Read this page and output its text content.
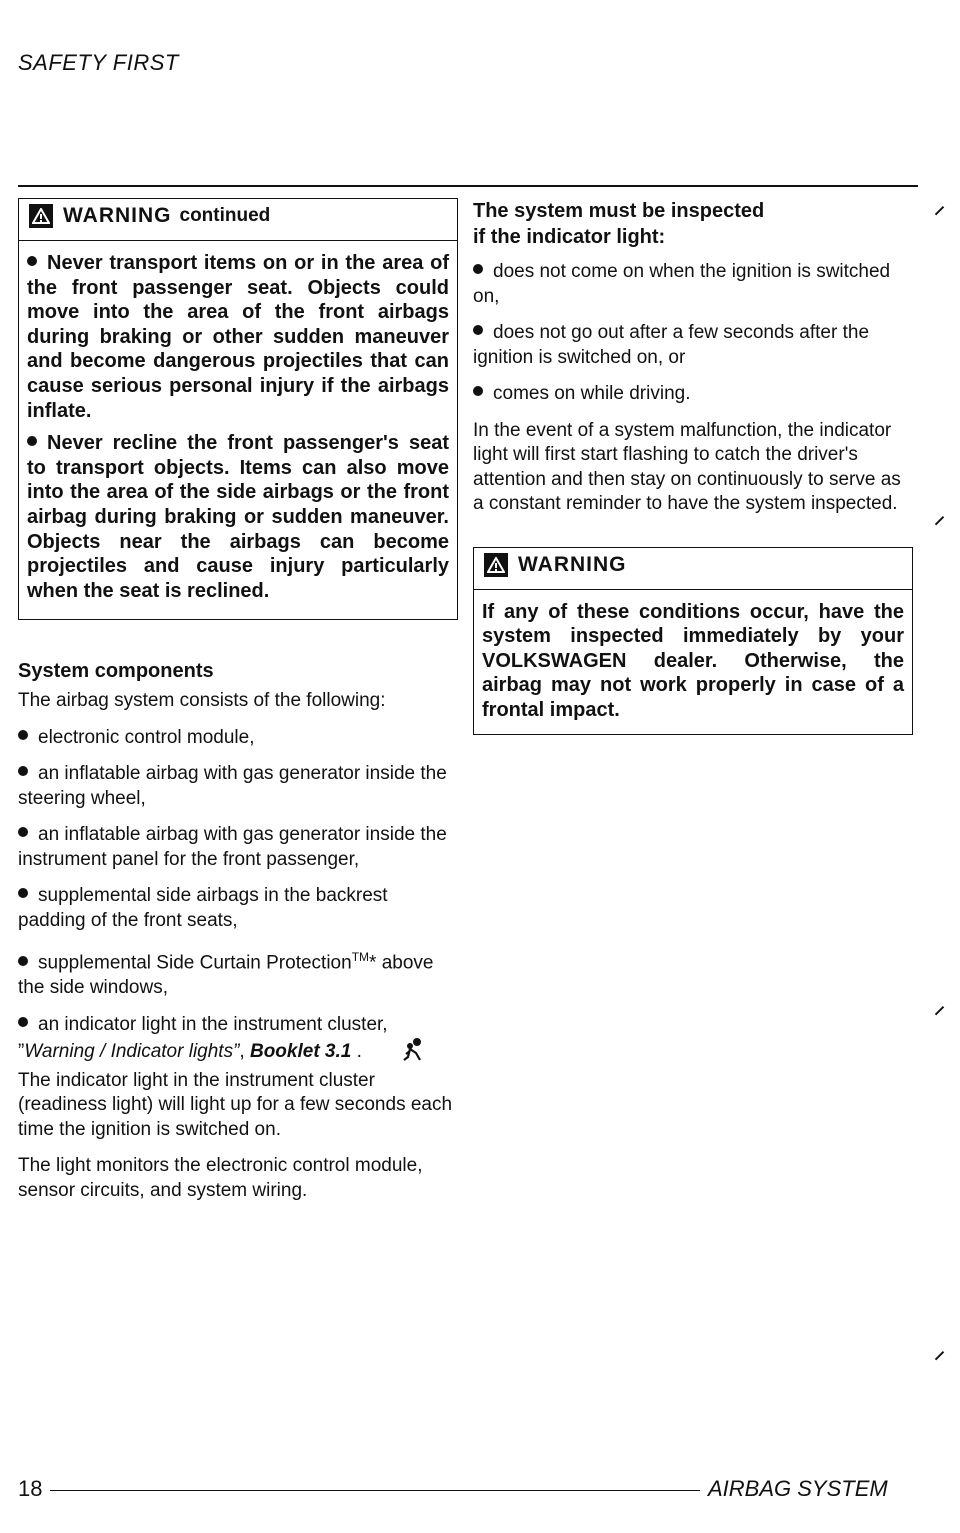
SAFETY FIRST
WARNING continued

Never transport items on or in the area of the front passenger seat. Objects could move into the area of the front airbags during braking or other sudden maneuver and become dangerous projectiles that can cause serious personal injury if the airbags inflate.

Never recline the front passenger's seat to transport objects. Items can also move into the area of the side airbags or the front airbag during braking or sudden maneuver. Objects near the airbags can become projectiles and cause injury particularly when the seat is reclined.

System components

The airbag system consists of the following:

electronic control module,

an inflatable airbag with gas generator inside the steering wheel,

an inflatable airbag with gas generator inside the instrument panel for the front passenger,

supplemental side airbags in the backrest padding of the front seats,

supplemental Side Curtain Protection™* above the side windows,

an indicator light in the instrument cluster, ”Warning / Indicator lights”, Booklet 3.1 .

The indicator light in the instrument cluster (readiness light) will light up for a few seconds each time the ignition is switched on.

The light monitors the electronic control module, sensor circuits, and system wiring.

The system must be inspected
if the indicator light:

does not come on when the ignition is switched on,

does not go out after a few seconds after the ignition is switched on, or

comes on while driving.

In the event of a system malfunction, the indicator light will first start flashing to catch the driver's attention and then stay on continuously to serve as a constant reminder to have the system inspected.

WARNING

If any of these conditions occur, have the system inspected immediately by your VOLKSWAGEN dealer. Otherwise, the airbag may not work properly in case of a frontal impact.

⸝
⸝
⸝
⸝
18	AIRBAG SYSTEM
